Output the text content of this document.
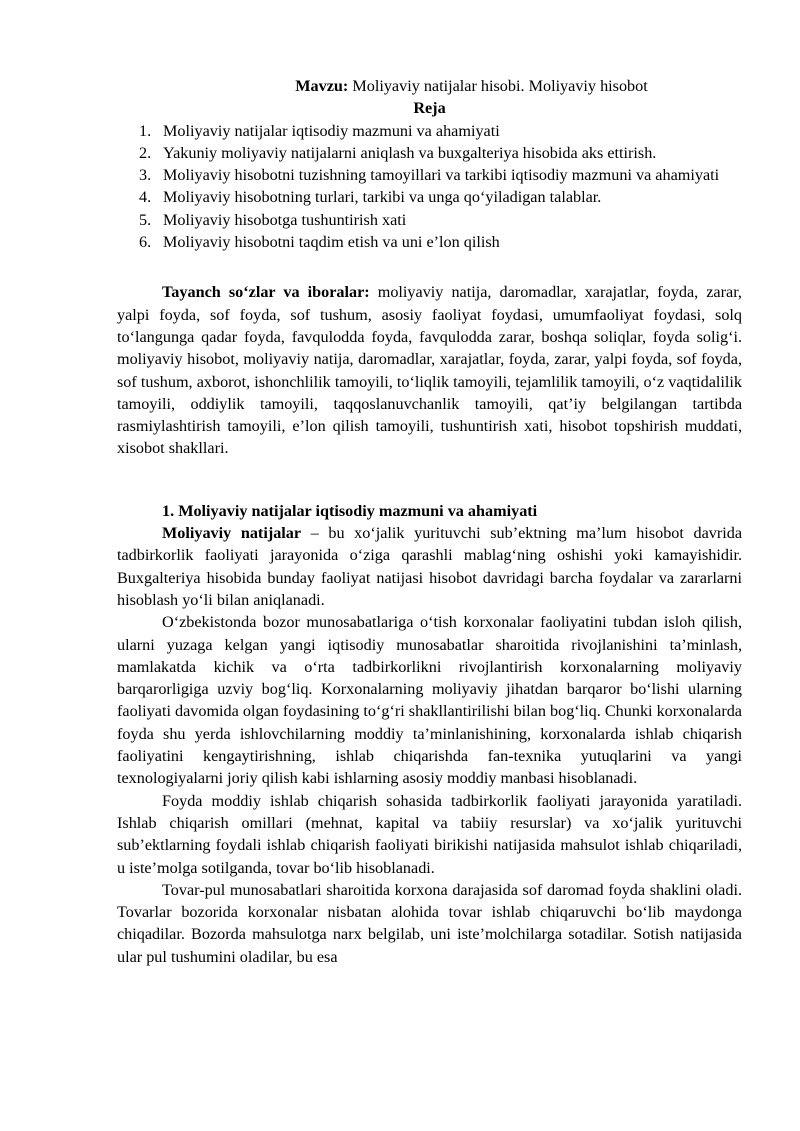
Mavzu: Moliyaviy natijalar hisobi. Moliyaviy hisobot

Reja

1. Moliyaviy natijalar iqtisodiy mazmuni va ahamiyati
2. Yakuniy moliyaviy natijalarni aniqlash va buxgalteriya hisobida aks ettirish.
3. Moliyaviy hisobotni tuzishning tamoyillari va tarkibi iqtisodiy mazmuni va ahamiyati
4. Moliyaviy hisobotning turlari, tarkibi va unga qo‘yiladigan talablar.
5. Moliyaviy hisobotga tushuntirish xati
6. Moliyaviy hisobotni taqdim etish va uni e’lon qilish

Tayanch so‘zlar va iboralar: moliyaviy natija, daromadlar, xarajatlar, foyda, zarar, yalpi foyda, sof foyda, sof tushum, asosiy faoliyat foydasi, umumfaoliyat foydasi, solq to‘langunga qadar foyda, favqulodda foyda, favqulodda zarar, boshqa soliqlar, foyda solig‘i. moliyaviy hisobot, moliyaviy natija, daromadlar, xarajatlar, foyda, zarar, yalpi foyda, sof foyda, sof tushum, axborot, ishonchlilik tamoyili, to‘liqlik tamoyili, tejamlilik tamoyili, o‘z vaqtidalilik tamoyili, oddiylik tamoyili, taqqoslanuvchanlik tamoyili, qat’iy belgilangan tartibda rasmiylashtirish tamoyili, e’lon qilish tamoyili, tushuntirish xati, hisobot topshirish muddati, xisobot shakllari.

1. Moliyaviy natijalar iqtisodiy mazmuni va ahamiyati

Moliyaviy natijalar – bu xo‘jalik yurituvchi sub’ektning ma’lum hisobot davrida tadbirkorlik faoliyati jarayonida o‘ziga qarashli mablag‘ning oshishi yoki kamayishidir. Buxgalteriya hisobida bunday faoliyat natijasi hisobot davridagi barcha foydalar va zararlarni hisoblash yo‘li bilan aniqlanadi.

O‘zbekistonda bozor munosabatlariga o‘tish korxonalar faoliyatini tubdan isloh qilish, ularni yuzaga kelgan yangi iqtisodiy munosabatlar sharoitida rivojlanishini ta’minlash, mamlakatda kichik va o‘rta tadbirkorlikni rivojlantirish korxonalarning moliyaviy barqarorligiga uzviy bog‘liq. Korxonalarning moliyaviy jihatdan barqaror bo‘lishi ularning faoliyati davomida olgan foydasining to‘g‘ri shakllantirilishi bilan bog‘liq. Chunki korxonalarda foyda shu yerda ishlovchilarning moddiy ta’minlanishining, korxonalarda ishlab chiqarish faoliyatini kengaytirishning, ishlab chiqarishda fan-texnika yutuqlarini va yangi texnologiyalarni joriy qilish kabi ishlarning asosiy moddiy manbasi hisoblanadi.

Foyda moddiy ishlab chiqarish sohasida tadbirkorlik faoliyati jarayonida yaratiladi. Ishlab chiqarish omillari (mehnat, kapital va tabiiy resurslar) va xo‘jalik yurituvchi sub’ektlarning foydali ishlab chiqarish faoliyati birikishi natijasida mahsulot ishlab chiqariladi, u iste’molga sotilganda, tovar bo‘lib hisoblanadi.

Tovar-pul munosabatlari sharoitida korxona darajasida sof daromad foyda shaklini oladi. Tovarlar bozorida korxonalar nisbatan alohida tovar ishlab chiqaruvchi bo‘lib maydonga chiqadilar. Bozorda mahsulotga narx belgilab, uni iste’molchilarga sotadilar. Sotish natijasida ular pul tushumini oladilar, bu esa
